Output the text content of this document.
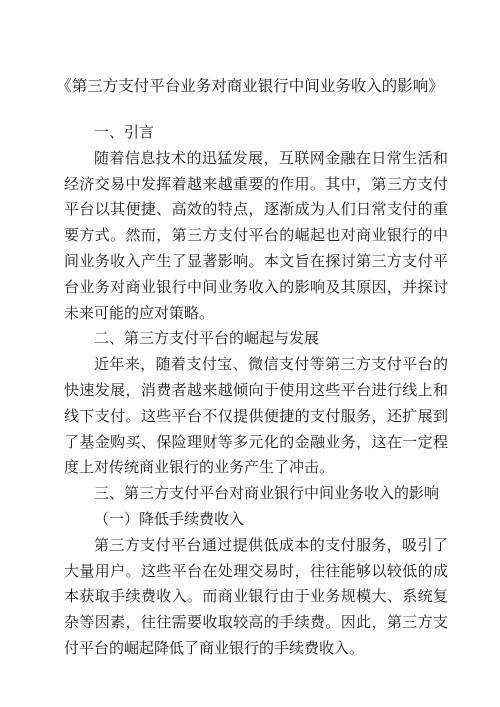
《第三方支付平台业务对商业银行中间业务收入的影响》

一、引言

随着信息技术的迅猛发展，互联网金融在日常生活和经济交易中发挥着越来越重要的作用。其中，第三方支付平台以其便捷、高效的特点，逐渐成为人们日常支付的重要方式。然而，第三方支付平台的崛起也对商业银行的中间业务收入产生了显著影响。本文旨在探讨第三方支付平台业务对商业银行中间业务收入的影响及其原因，并探讨未来可能的应对策略。

二、第三方支付平台的崛起与发展

近年来，随着支付宝、微信支付等第三方支付平台的快速发展，消费者越来越倾向于使用这些平台进行线上和线下支付。这些平台不仅提供便捷的支付服务，还扩展到了基金购买、保险理财等多元化的金融业务，这在一定程度上对传统商业银行的业务产生了冲击。

三、第三方支付平台对商业银行中间业务收入的影响

（一）降低手续费收入

第三方支付平台通过提供低成本的支付服务，吸引了大量用户。这些平台在处理交易时，往往能够以较低的成本获取手续费收入。而商业银行由于业务规模大、系统复杂等因素，往往需要收取较高的手续费。因此，第三方支付平台的崛起降低了商业银行的手续费收入。
